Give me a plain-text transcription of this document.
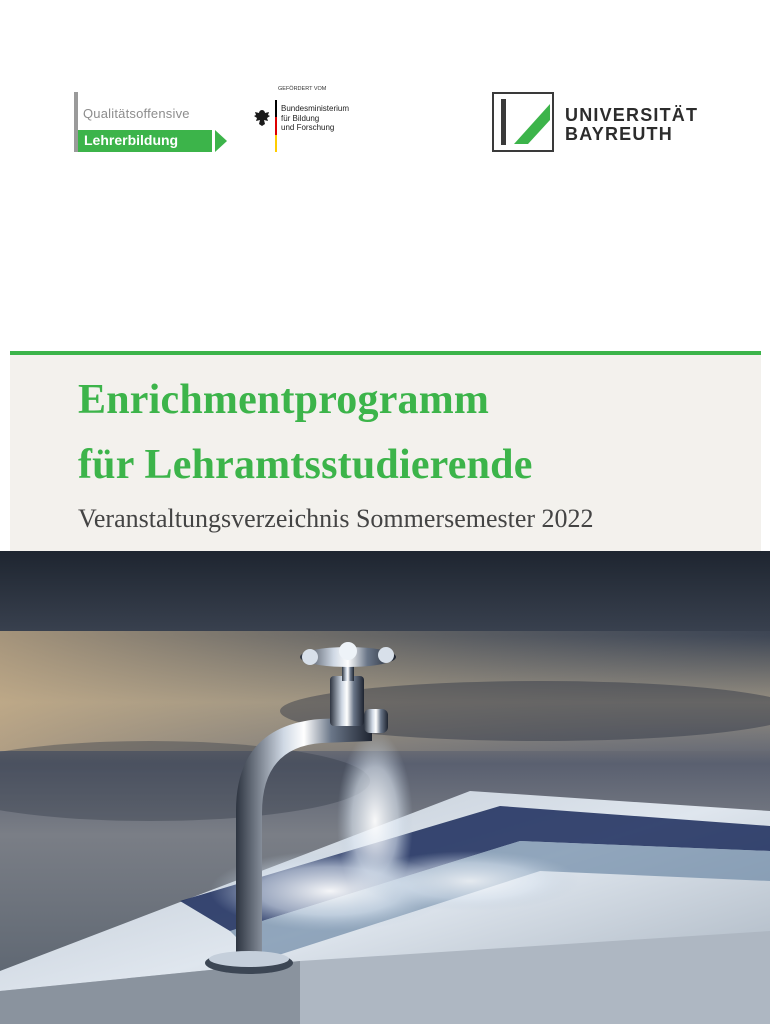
Qualitätsoffensive
Lehrerbildung
GEFÖRDERT VOM
Bundesministerium
für Bildung
und Forschung
UNIVERSITÄT
BAYREUTH
Enrichmentprogramm
für Lehramtsstudierende
Veranstaltungsverzeichnis Sommersemester 2022
